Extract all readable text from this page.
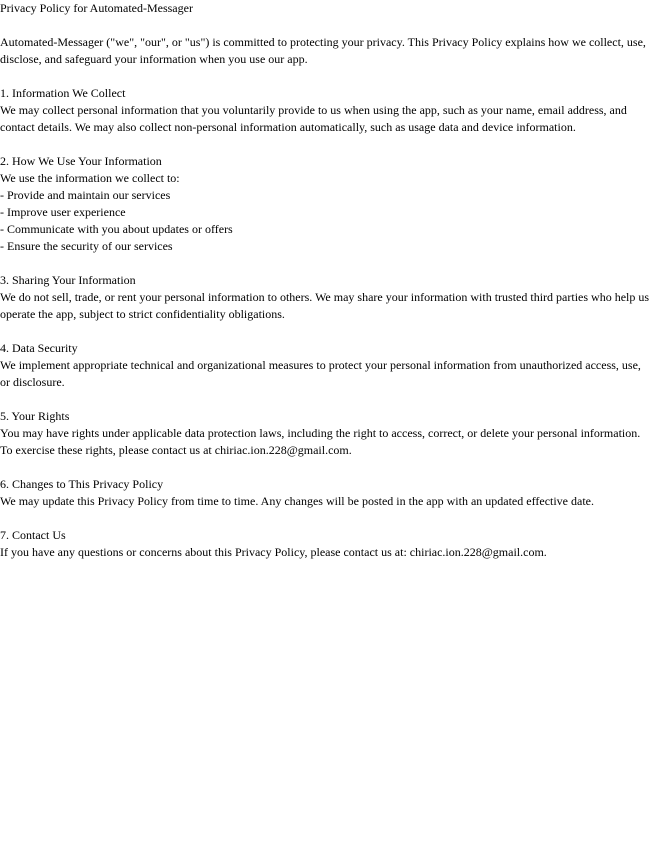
Privacy Policy for Automated-Messager

Automated-Messager ("we", "our", or "us") is committed to protecting your privacy. This Privacy Policy explains how we collect, use, disclose, and safeguard your information when you use our app.

1. Information We Collect

We may collect personal information that you voluntarily provide to us when using the app, such as your name, email address, and contact details. We may also collect non-personal information automatically, such as usage data and device information.

2. How We Use Your Information

We use the information we collect to:

- Provide and maintain our services
- Improve user experience
- Communicate with you about updates or offers
- Ensure the security of our services

3. Sharing Your Information

We do not sell, trade, or rent your personal information to others. We may share your information with trusted third parties who help us operate the app, subject to strict confidentiality obligations.

4. Data Security

We implement appropriate technical and organizational measures to protect your personal information from unauthorized access, use, or disclosure.

5. Your Rights

You may have rights under applicable data protection laws, including the right to access, correct, or delete your personal information. To exercise these rights, please contact us at chiriac.ion.228@gmail.com.

6. Changes to This Privacy Policy

We may update this Privacy Policy from time to time. Any changes will be posted in the app with an updated effective date.

7. Contact Us

If you have any questions or concerns about this Privacy Policy, please contact us at: chiriac.ion.228@gmail.com.
